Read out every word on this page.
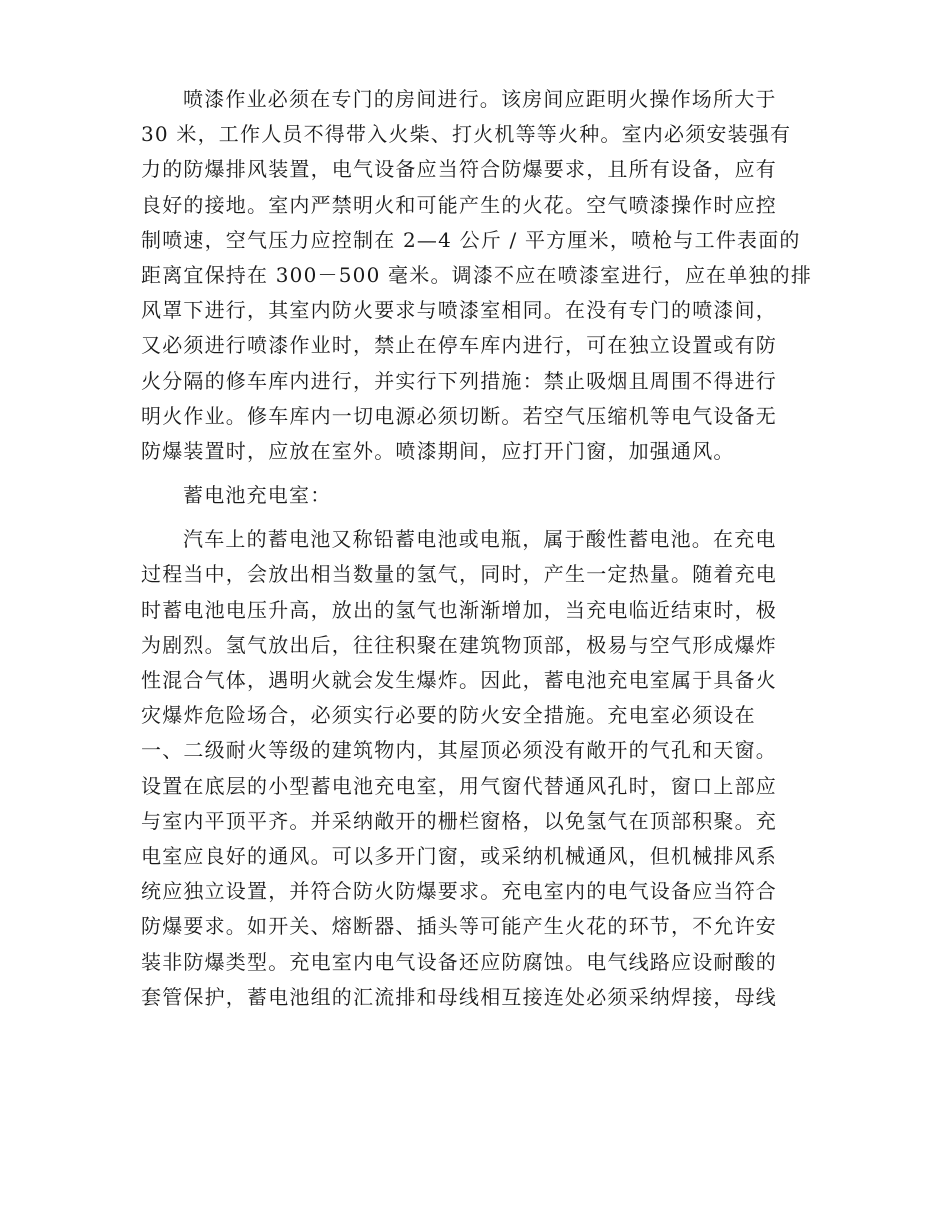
喷漆作业必须在专门的房间进行。该房间应距明火操作场所大于
30 米，工作人员不得带入火柴、打火机等等火种。室内必须安装强有
力的防爆排风装置，电气设备应当符合防爆要求，且所有设备，应有
良好的接地。室内严禁明火和可能产生的火花。空气喷漆操作时应控
制喷速，空气压力应控制在 2—4 公斤 / 平方厘米，喷枪与工件表面的
距离宜保持在 300－500 毫米。调漆不应在喷漆室进行，应在单独的排
风罩下进行，其室内防火要求与喷漆室相同。在没有专门的喷漆间，
又必须进行喷漆作业时，禁止在停车库内进行，可在独立设置或有防
火分隔的修车库内进行，并实行下列措施：禁止吸烟且周围不得进行
明火作业。修车库内一切电源必须切断。若空气压缩机等电气设备无
防爆装置时，应放在室外。喷漆期间，应打开门窗，加强通风。

蓄电池充电室：

汽车上的蓄电池又称铅蓄电池或电瓶，属于酸性蓄电池。在充电
过程当中，会放出相当数量的氢气，同时，产生一定热量。随着充电
时蓄电池电压升高，放出的氢气也渐渐增加，当充电临近结束时，极
为剧烈。氢气放出后，往往积聚在建筑物顶部，极易与空气形成爆炸
性混合气体，遇明火就会发生爆炸。因此，蓄电池充电室属于具备火
灾爆炸危险场合，必须实行必要的防火安全措施。充电室必须设在
一、二级耐火等级的建筑物内，其屋顶必须没有敞开的气孔和天窗。
设置在底层的小型蓄电池充电室，用气窗代替通风孔时，窗口上部应
与室内平顶平齐。并采纳敞开的栅栏窗格，以免氢气在顶部积聚。充
电室应良好的通风。可以多开门窗，或采纳机械通风，但机械排风系
统应独立设置，并符合防火防爆要求。充电室内的电气设备应当符合
防爆要求。如开关、熔断器、插头等可能产生火花的环节，不允许安
装非防爆类型。充电室内电气设备还应防腐蚀。电气线路应设耐酸的
套管保护，蓄电池组的汇流排和母线相互接连处必须采纳焊接，母线
